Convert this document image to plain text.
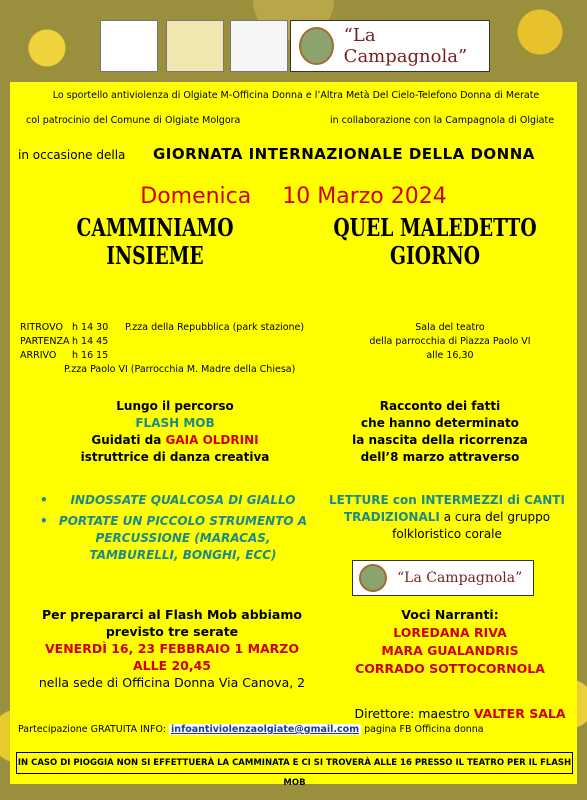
“La Campagnola”
Lo sportello antiviolenza di Olgiate M-Officina Donna e l’Altra Metà Del Cielo-Telefono Donna di Merate
col patrocinio del Comune di Olgiate Molgora	in collaborazione con la Campagnola di Olgiate
in occasione della GIORNATA INTERNAZIONALE DELLA DONNA
Domenica 10 Marzo 2024
CAMMINIAMO
INSIEME
QUEL MALEDETTO
GIORNO
RITROVO h 14 30 P.zza della Repubblica (park stazione)
PARTENZA h 14 45
ARRIVO h 16 15
P.zza Paolo VI (Parrocchia M. Madre della Chiesa)
Sala del teatro
della parrocchia di Piazza Paolo VI
alle 16,30
Lungo il percorso
FLASH MOB
Guidati da GAIA OLDRINI
istruttrice di danza creativa
Racconto dei fatti
che hanno determinato
la nascita della ricorrenza
dell’8 marzo attraverso
• INDOSSATE QUALCOSA DI GIALLO
• PORTATE UN PICCOLO STRUMENTO A PERCUSSIONE (MARACAS, TAMBURELLI, BONGHI, ECC)
LETTURE con INTERMEZZI di CANTI TRADIZIONALI a cura del gruppo folkloristico corale
“La Campagnola”
Per prepararci al Flash Mob abbiamo
previsto tre serate
VENERDÌ 16, 23 FEBBRAIO 1 MARZO
ALLE 20,45
nella sede di Officina Donna Via Canova, 2
Voci Narranti:
LOREDANA RIVA
MARA GUALANDRIS
CORRADO SOTTOCORNOLA
Direttore: maestro VALTER SALA
Partecipazione GRATUITA INFO: infoantiviolenzaolgiate@gmail.com pagina FB Officina donna
IN CASO DI PIOGGIA NON SI EFFETTUERÀ LA CAMMINATA E CI SI TROVERÀ ALLE 16 PRESSO IL TEATRO PER IL FLASH MOB
